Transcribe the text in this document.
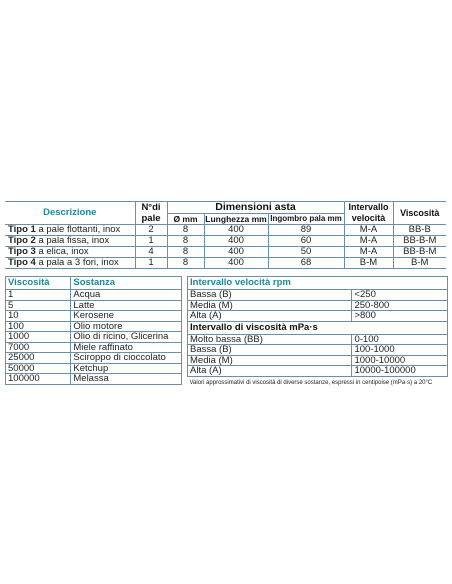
Descrizione	N°di	Dimensioni asta			Intervallo	Viscosità
	pale	Ø mm	Lunghezza mm	Ingombro pala mm	velocità	
Tipo 1 a pale flottanti, inox	2	8	400	89	M-A	BB-B
Tipo 2 a pala fissa, inox	1	8	400	60	M-A	BB-B-M
Tipo 3 a elica, inox	4	8	400	50	M-A	BB-B-M
Tipo 4 a pala a 3 fori, inox	1	8	400	68	B-M	B-M
Viscosità	Sostanza
1	Acqua
5	Latte
10	Kerosene
100	Olio motore
1000	Olio di ricino, Glicerina
7000	Miele raffinato
25000	Sciroppo di cioccolato
50000	Ketchup
100000	Melassa
Intervallo velocità rpm	
Bassa (B)	<250
Media (M)	250-800
Alta (A)	>800
Intervallo di viscosità mPa·s	
Molto bassa (BB)	0-100
Bassa (B)	100-1000
Media (M)	1000-10000
Alta (A)	10000-100000
Valori approssimativi di viscosità di diverse sostanze, espressi in centipoise (mPa·s) a 20°C	
